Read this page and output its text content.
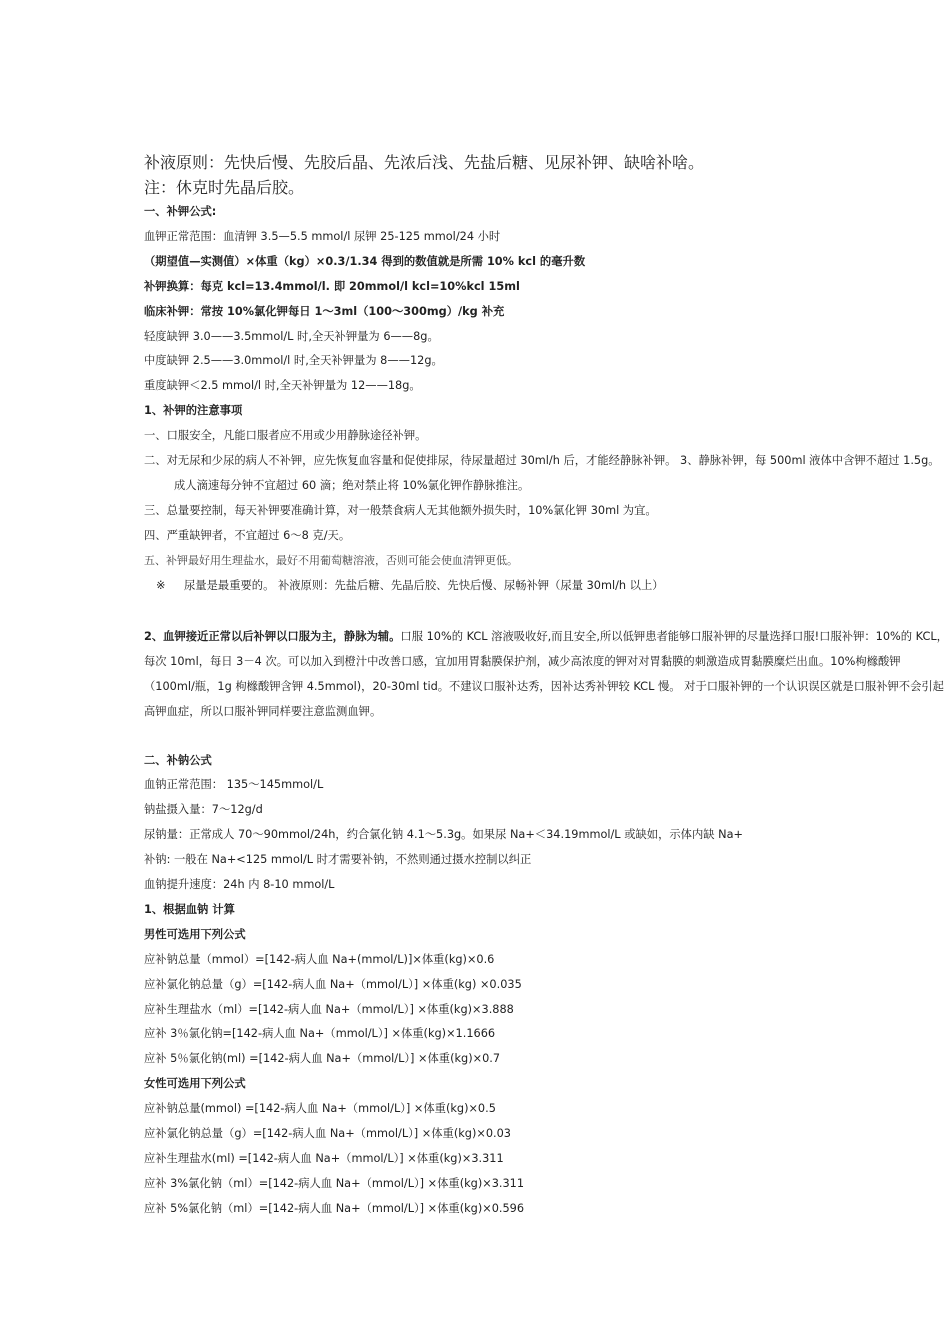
补液原则：先快后慢、先胶后晶、先浓后浅、先盐后糖、见尿补钾、缺啥补啥。

注：休克时先晶后胶。

一、补钾公式:

血钾正常范围：血清钾 3.5—5.5 mmol/l 尿钾 25-125 mmol/24 小时

（期望值—实测值）×体重（kg）×0.3/1.34 得到的数值就是所需 10% kcl 的毫升数

补钾换算：每克 kcl=13.4mmol/l. 即 20mmol/l kcl=10%kcl 15ml

临床补钾：常按 10%氯化钾每日 1～3ml（100～300mg）/kg 补充

轻度缺钾 3.0——3.5mmol/L 时,全天补钾量为 6——8g。

中度缺钾 2.5——3.0mmol/l 时,全天补钾量为 8——12g。

重度缺钾＜2.5 mmol/l 时,全天补钾量为 12——18g。

1、补钾的注意事项

一、口服安全，凡能口服者应不用或少用静脉途径补钾。

二、对无尿和少尿的病人不补钾，应先恢复血容量和促使排尿，待尿量超过 30ml/h 后，才能经静脉补钾。 3、静脉补钾，每 500ml 液体中含钾不超过 1.5g。

成人滴速每分钟不宜超过 60 滴；绝对禁止将 10%氯化钾作静脉推注。

三、总量要控制，每天补钾要准确计算，对一般禁食病人无其他额外损失时，10%氯化钾 30ml 为宜。

四、严重缺钾者，不宜超过 6～8 克/天。

五、补钾最好用生理盐水，最好不用葡萄糖溶液，否则可能会使血清钾更低。

※ 尿量是最重要的。 补液原则：先盐后糖、先晶后胶、先快后慢、尿畅补钾（尿量 30ml/h 以上）

2、血钾接近正常以后补钾以口服为主，静脉为辅。口服 10%的 KCL 溶液吸收好,而且安全,所以低钾患者能够口服补钾的尽量选择口服!口服补钾：10%的 KCL，每次 10ml，每日 3－4 次。可以加入到橙汁中改善口感，宜加用胃黏膜保护剂，减少高浓度的钾对对胃黏膜的刺激造成胃黏膜糜烂出血。10%枸橼酸钾（100ml/瓶，1g 枸橼酸钾含钾 4.5mmol)，20-30ml tid。不建议口服补达秀，因补达秀补钾较 KCL 慢。 对于口服补钾的一个认识误区就是口服补钾不会引起高钾血症，所以口服补钾同样要注意监测血钾。

二、补钠公式

血钠正常范围： 135～145mmol/L

钠盐摄入量：7～12g/d

尿钠量：正常成人 70～90mmol/24h，约合氯化钠 4.1～5.3g。如果尿 Na+＜34.19mmol/L 或缺如，示体内缺 Na+

补钠: 一般在 Na+<125 mmol/L 时才需要补钠，不然则通过摄水控制以纠正

血钠提升速度：24h 内 8-10 mmol/L

1、根据血钠 计算

男性可选用下列公式

应补钠总量（mmol）=[142-病人血 Na+(mmol/L)]×体重(kg)×0.6

应补氯化钠总量（g）=[142-病人血 Na+（mmol/L）] ×体重(kg) ×0.035

应补生理盐水（ml）=[142-病人血 Na+（mmol/L）] ×体重(kg)×3.888

应补 3％氯化钠=[142-病人血 Na+（mmol/L）] ×体重(kg)×1.1666

应补 5％氯化钠(ml) =[142-病人血 Na+（mmol/L）] ×体重(kg)×0.7

女性可选用下列公式

应补钠总量(mmol) =[142-病人血 Na+（mmol/L）] ×体重(kg)×0.5

应补氯化钠总量（g）=[142-病人血 Na+（mmol/L）] ×体重(kg)×0.03

应补生理盐水(ml) =[142-病人血 Na+（mmol/L）] ×体重(kg)×3.311

应补 3%氯化钠（ml）=[142-病人血 Na+（mmol/L）] ×体重(kg)×3.311

应补 5%氯化钠（ml）=[142-病人血 Na+（mmol/L）] ×体重(kg)×0.596
